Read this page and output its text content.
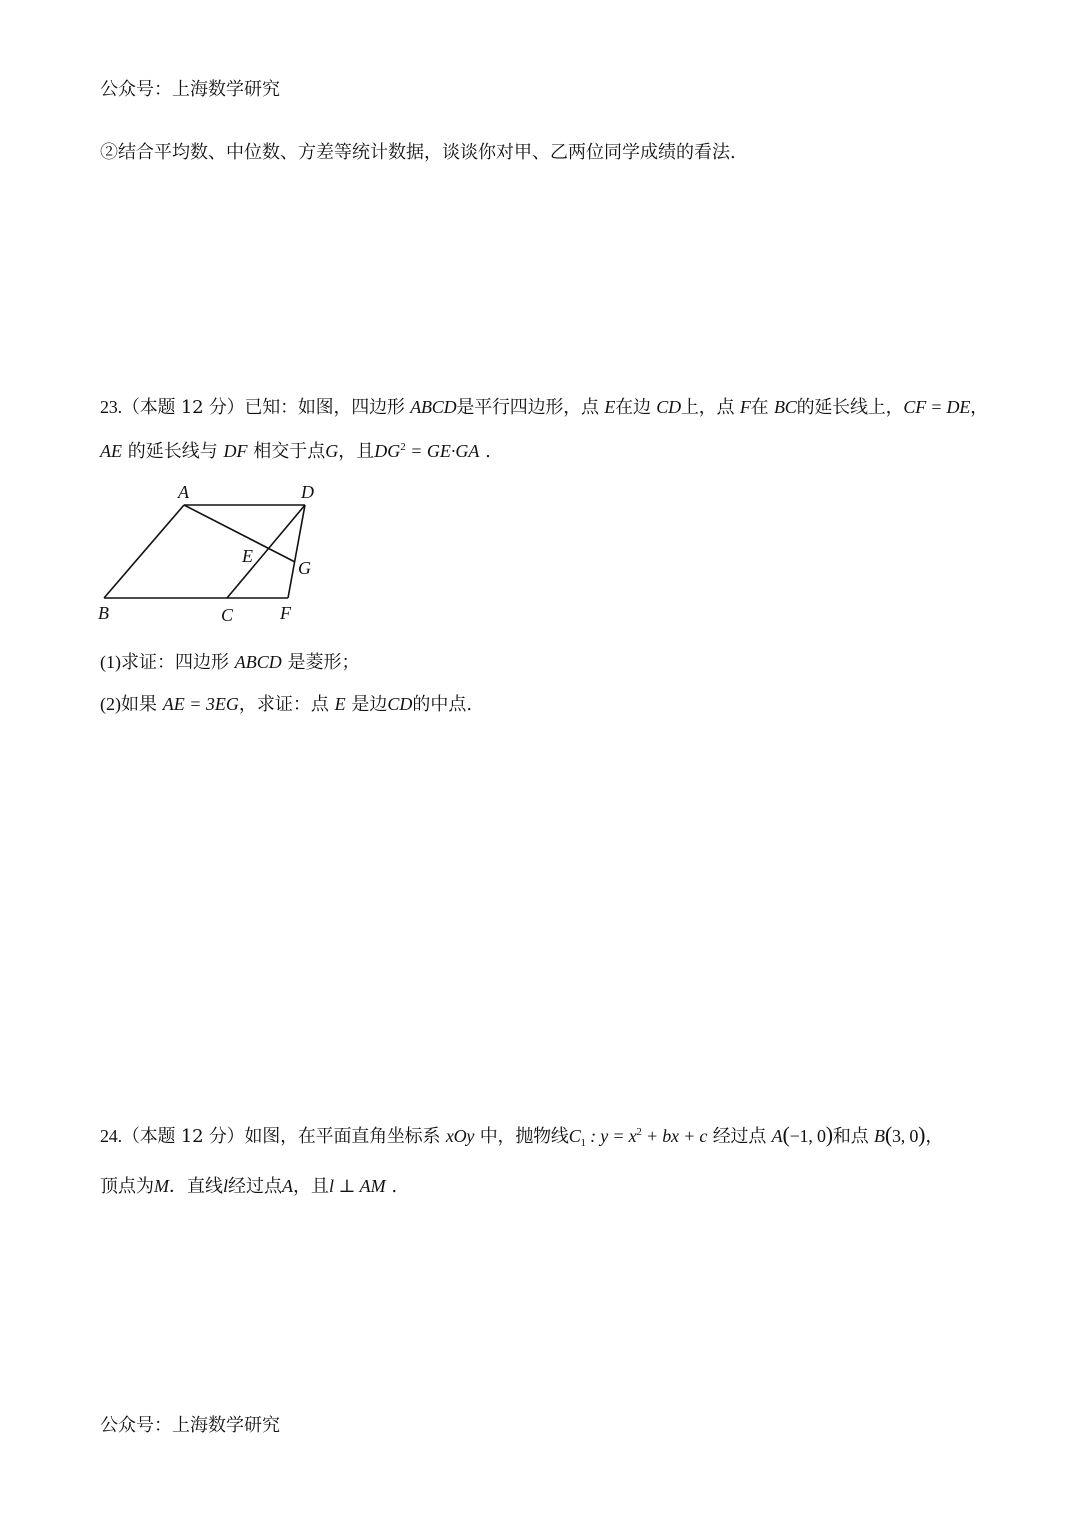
公众号：上海数学研究
②结合平均数、中位数、方差等统计数据，谈谈你对甲、乙两位同学成绩的看法.
23.（本题 12 分）已知：如图，四边形 ABCD是平行四边形，点 E在边 CD上，点 F在 BC的延长线上，CF = DE，
AE 的延长线与 DF 相交于点G，且$DG^2 = GE\cdot GA$ .
A	D
E
G
B	C	F
(1)求证：四边形 ABCD 是菱形；
(2)如果 AE = 3EG，求证：点 E 是边CD的中点.
24.（本题 12 分）如图，在平面直角坐标系 xOy 中，抛物线$C_1$ : $y = x^2$ + bx + c 经过点 A(−1, 0)和点 B(3, 0)，
顶点为M．直线l经过点A，且l ⊥ AM .
公众号：上海数学研究
